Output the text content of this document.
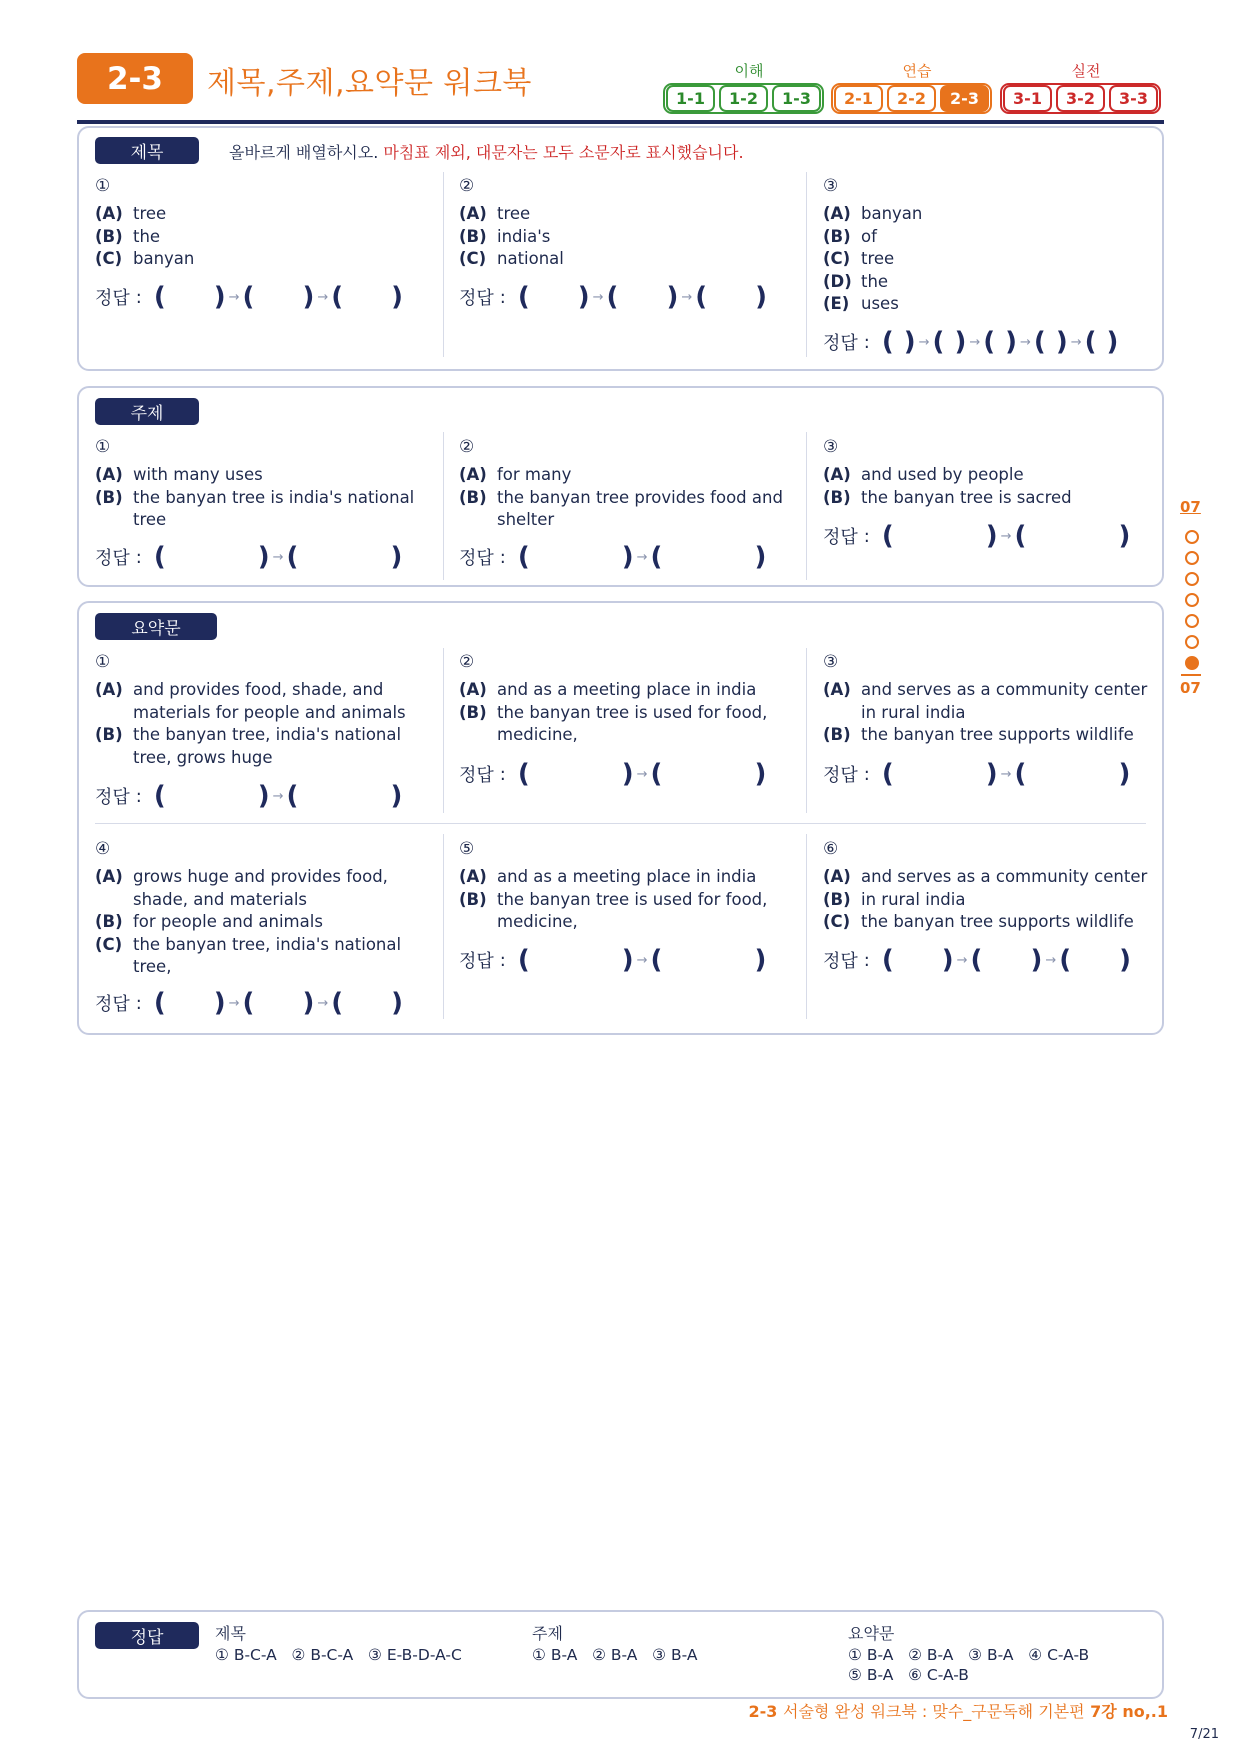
2-3	제목,주제,요약문 워크북	이해	연습	실전
1-1	1-2	1-3	2-1	2-2	2-3	3-1	3-2	3-3
제목	올바르게 배열하시오. 마침표 제외, 대문자는 모두 소문자로 표시했습니다.
①
(A) tree
(B) the
(C) banyan
정답 : ( ) → ( ) → ( )
②
(A) tree
(B) india's
(C) national
정답 : ( ) → ( ) → ( )
③
(A) banyan
(B) of
(C) tree
(D) the
(E) uses
정답 : ( ) → ( ) → ( ) → ( ) → ( )
주제
①
(A) with many uses
(B) the banyan tree is india's national tree
정답 : (	) → (	)
②
(A) for many
(B) the banyan tree provides food and shelter
정답 : (	) → (	)
③
(A) and used by people
(B) the banyan tree is sacred
정답 : (	) → (	)
요약문
①
(A) and provides food, shade, and materials for people and animals
(B) the banyan tree, india's national tree, grows huge
정답 : (	) → (	)
②
(A) and as a meeting place in india
(B) the banyan tree is used for food, medicine,
정답 : (	) → (	)
③
(A) and serves as a community center in rural india
(B) the banyan tree supports wildlife
정답 : (	) → (	)
④
(A) grows huge and provides food, shade, and materials
(B) for people and animals
(C) the banyan tree, india's national tree,
정답 : ( ) → ( ) → ( )
⑤
(A) and as a meeting place in india
(B) the banyan tree is used for food, medicine,
정답 : (	) → (	)
⑥
(A) and serves as a community center
(B) in rural india
(C) the banyan tree supports wildlife
정답 : ( ) → ( ) → ( )
07
07
정답	제목
① B-C-A   ② B-C-A   ③ E-B-D-A-C
주제
① B-A   ② B-A   ③ B-A
요약문
① B-A   ② B-A   ③ B-A   ④ C-A-B
⑤ B-A   ⑥ C-A-B
2-3 서술형 완성 워크북 : 맞수_구문독해 기본편 7강 no,.1
7/21
